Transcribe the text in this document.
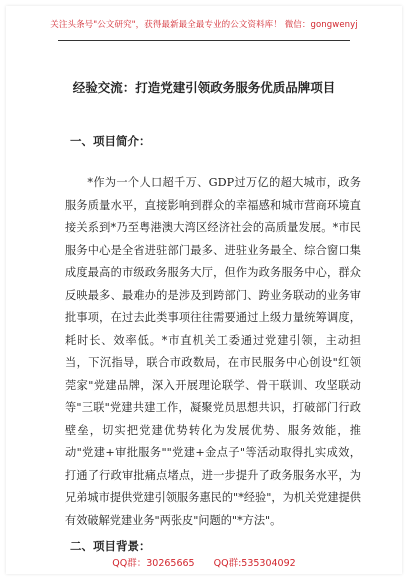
关注头条号"公文研究"，获得最新最全最专业的公文资料库！ 微信：gongwenyj
经验交流：打造党建引领政务服务优质品牌项目
一、项目简介：
*作为一个人口超千万、GDP过万亿的超大城市，政务服务质量水平，直接影响到群众的幸福感和城市营商环境直接关系到*乃至粤港澳大湾区经济社会的高质量发展。*市民服务中心是全省进驻部门最多、进驻业务最全、综合窗口集成度最高的市级政务服务大厅，但作为政务服务中心，群众反映最多、最难办的是涉及到跨部门、跨业务联动的业务审批事项，在过去此类事项往往需要通过上级力量统筹调度，耗时长、效率低。*市直机关工委通过党建引领，主动担当，下沉指导，联合市政数局，在市民服务中心创设"红领莞家"党建品牌，深入开展理论联学、骨干联训、攻坚联动等"三联"党建共建工作，凝聚党员思想共识，打破部门行政壁垒，切实把党建优势转化为发展优势、服务效能，推动"党建+审批服务""党建+金点子"等活动取得扎实成效，打通了行政审批痛点堵点，进一步提升了政务服务水平，为兄弟城市提供党建引领服务惠民的"*经验"，为机关党建提供有效破解党建业务"两张皮"问题的"*方法"。
二、项目背景：
QQ群：30265665 QQ群:535304092
